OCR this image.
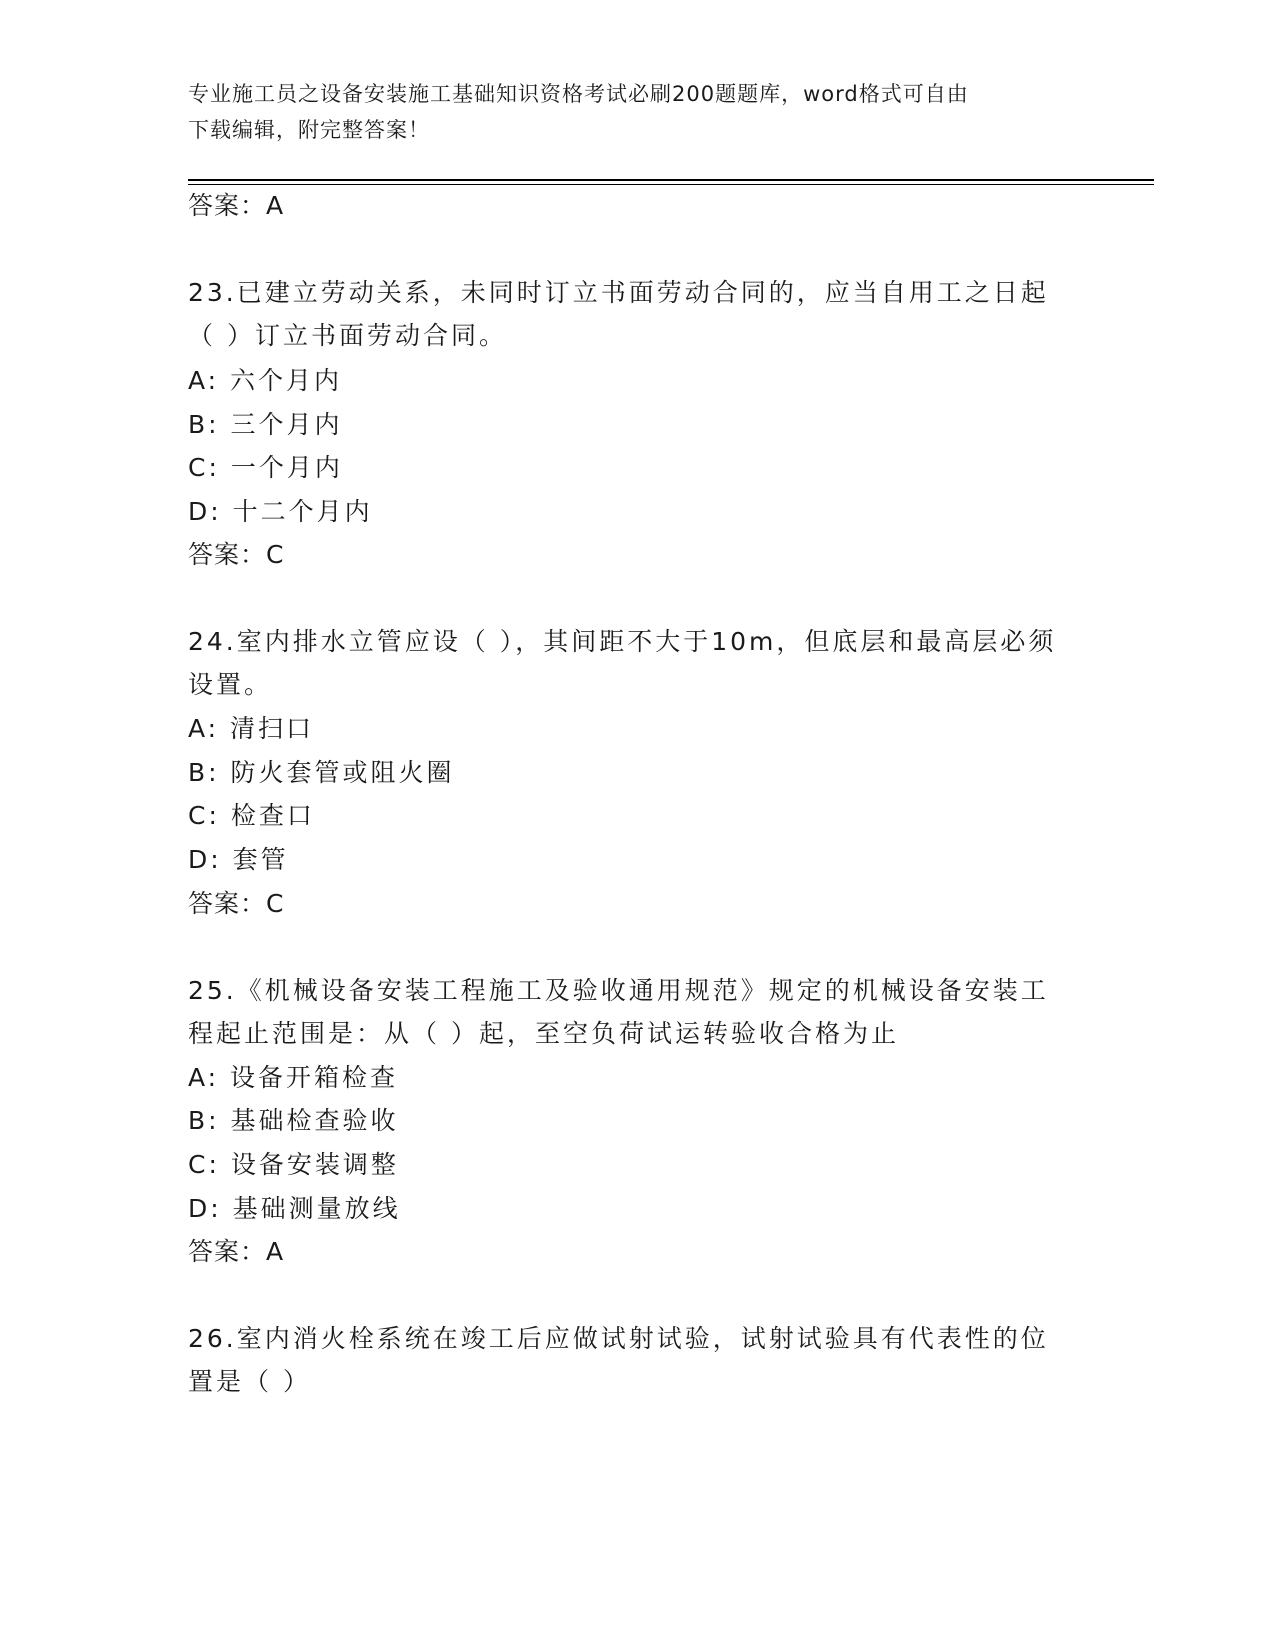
专业施工员之设备安装施工基础知识资格考试必刷200题题库，word格式可自由
下载编辑，附完整答案！
答案：A
23.已建立劳动关系，未同时订立书面劳动合同的，应当自用工之日起
（ ）订立书面劳动合同。
A: 六个月内
B: 三个月内
C: 一个月内
D: 十二个月内
答案：C
24.室内排水立管应设（ ），其间距不大于10m，但底层和最高层必须
设置。
A: 清扫口
B: 防火套管或阻火圈
C: 检查口
D: 套管
答案：C
25.《机械设备安装工程施工及验收通用规范》规定的机械设备安装工
程起止范围是：从（ ）起，至空负荷试运转验收合格为止
A: 设备开箱检查
B: 基础检查验收
C: 设备安装调整
D: 基础测量放线
答案：A
26.室内消火栓系统在竣工后应做试射试验，试射试验具有代表性的位
置是（ ）
